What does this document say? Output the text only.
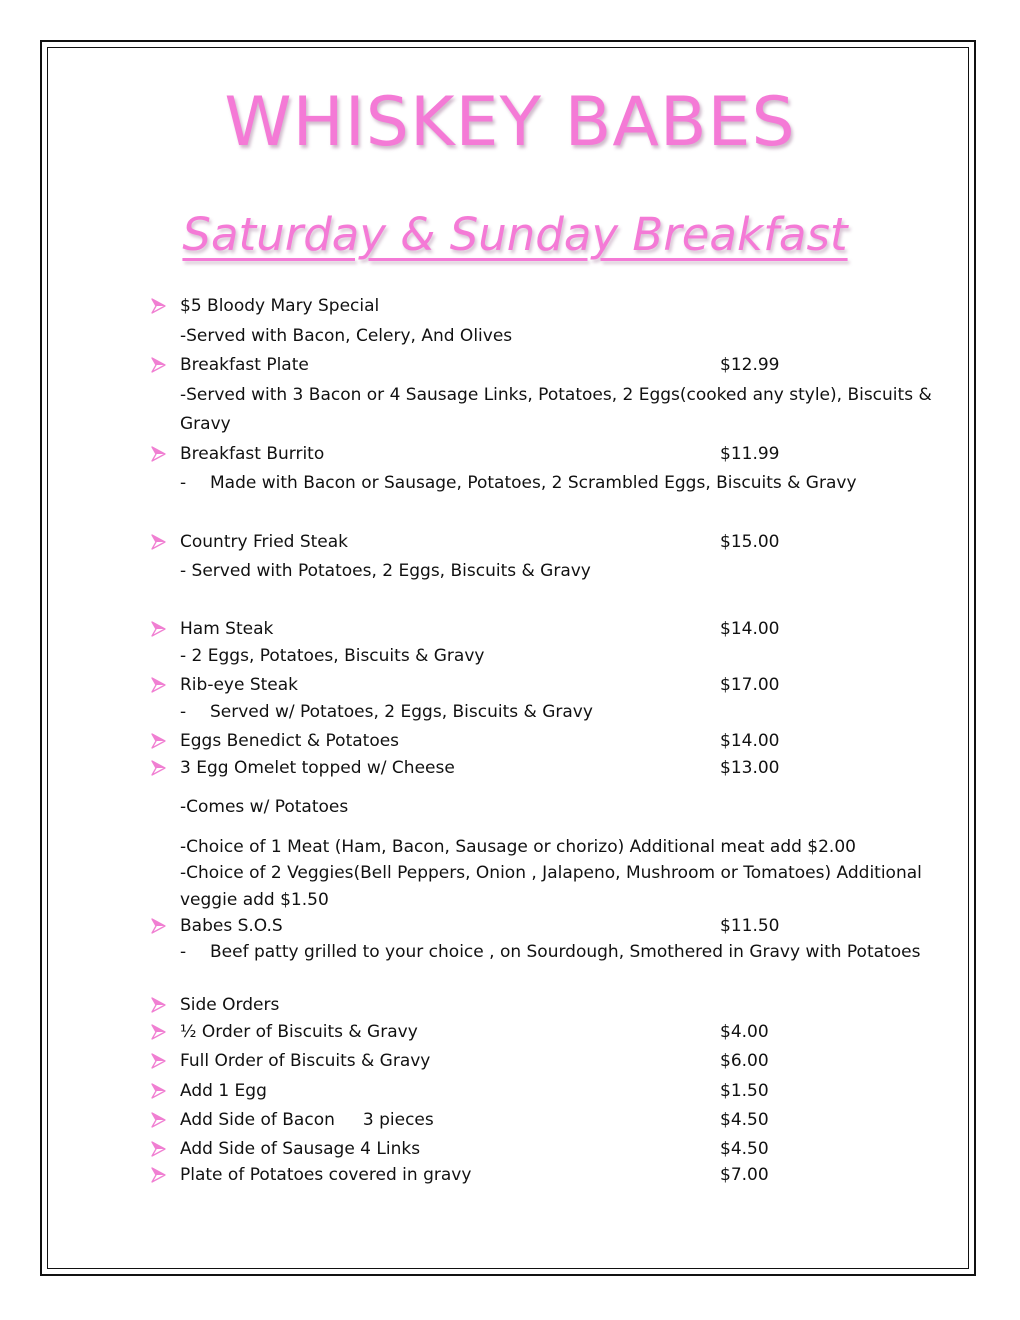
WHISKEY BABES
Saturday & Sunday Breakfast
$5 Bloody Mary Special
-Served with Bacon, Celery, And Olives
Breakfast Plate	$12.99
-Served with 3 Bacon or 4 Sausage Links, Potatoes, 2 Eggs(cooked any style), Biscuits &
Gravy
Breakfast Burrito	$11.99
- Made with Bacon or Sausage, Potatoes, 2 Scrambled Eggs, Biscuits & Gravy
Country Fried Steak	$15.00
- Served with Potatoes, 2 Eggs, Biscuits & Gravy
Ham Steak	$14.00
- 2 Eggs, Potatoes, Biscuits & Gravy
Rib-eye Steak	$17.00
- Served w/ Potatoes, 2 Eggs, Biscuits & Gravy
Eggs Benedict & Potatoes	$14.00
3 Egg Omelet topped w/ Cheese	$13.00
-Comes w/ Potatoes
-Choice of 1 Meat (Ham, Bacon, Sausage or chorizo) Additional meat add $2.00
-Choice of 2 Veggies(Bell Peppers, Onion , Jalapeno, Mushroom or Tomatoes) Additional
veggie add $1.50
Babes S.O.S	$11.50
- Beef patty grilled to your choice , on Sourdough, Smothered in Gravy with Potatoes
Side Orders
½ Order of Biscuits & Gravy	$4.00
Full Order of Biscuits & Gravy	$6.00
Add 1 Egg	$1.50
Add Side of Bacon 3 pieces	$4.50
Add Side of Sausage 4 Links	$4.50
Plate of Potatoes covered in gravy	$7.00
